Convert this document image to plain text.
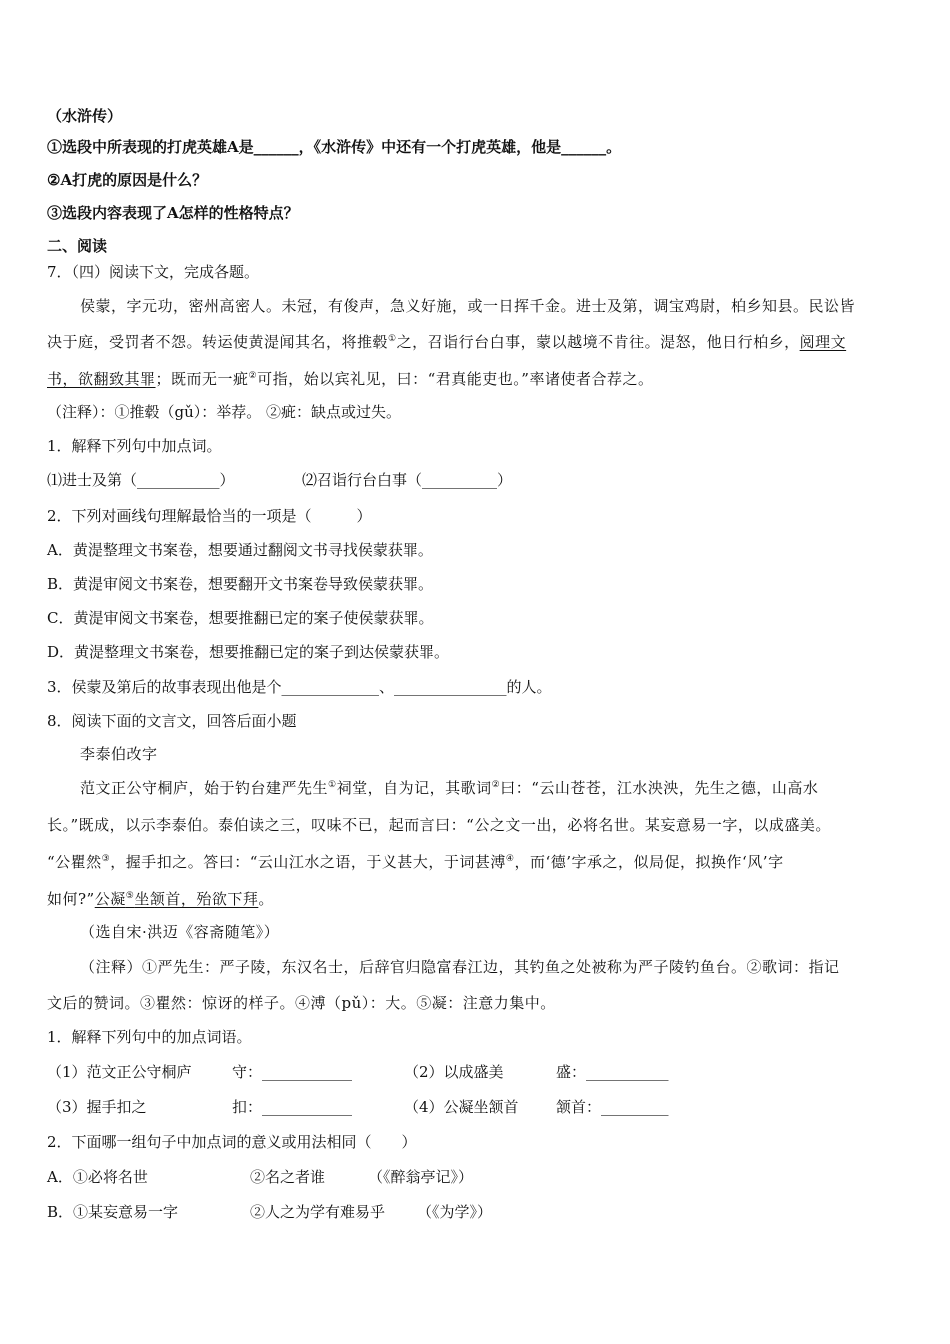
（水浒传）
①选段中所表现的打虎英雄A是______，《水浒传》中还有一个打虎英雄，他是______。
②A打虎的原因是什么？
③选段内容表现了A怎样的性格特点？
二、阅读
7．（四）阅读下文，完成各题。
侯蒙，字元功，密州高密人。未冠，有俊声，急义好施，或一日挥千金。进士及第，调宝鸡尉，柏乡知县。民讼皆
决于庭，受罚者不怨。转运使黄湜闻其名，将推毂①之，召诣行台白事，蒙以越境不肯往。湜怒，他日行柏乡，阅理文
书，欲翻致其罪；既而无一疵②可指，始以宾礼见，曰：“君真能吏也。”率诸使者合荐之。
（注释）：①推毂（gǔ）：举荐。 ②疵：缺点或过失。
1．解释下列句中加点词。
⑴进士及第（___________）	⑵召诣行台白事（__________）
2．下列对画线句理解最恰当的一项是（　　　）
A．黄湜整理文书案卷，想要通过翻阅文书寻找侯蒙获罪。
B．黄湜审阅文书案卷，想要翻开文书案卷导致侯蒙获罪。
C．黄湜审阅文书案卷，想要推翻已定的案子使侯蒙获罪。
D．黄湜整理文书案卷，想要推翻已定的案子到达侯蒙获罪。
3．侯蒙及第后的故事表现出他是个_____________、_______________的人。
8．阅读下面的文言文，回答后面小题
李泰伯改字
范文正公守桐庐，始于钓台建严先生①祠堂，自为记，其歌词②曰：“云山苍苍，江水泱泱，先生之德，山高水
长。”既成，以示李泰伯。泰伯读之三，叹味不已，起而言曰：“公之文一出，必将名世。某妄意易一字，以成盛美。
“公瞿然③，握手扣之。答曰：“云山江水之语，于义甚大，于词甚溥④，而‘德’字承之，似局促，拟换作‘风’字
如何?”公凝⑤坐颔首，殆欲下拜。
（选自宋·洪迈《容斋随笔》）
（注释）①严先生：严子陵，东汉名士，后辞官归隐富春江边，其钓鱼之处被称为严子陵钓鱼台。②歌词：指记
文后的赞词。③瞿然：惊讶的样子。④溥（pǔ）：大。⑤凝：注意力集中。
1．解释下列句中的加点词语。
（1）范文正公守桐庐	守：____________	（2）以成盛美	盛：___________
（3）握手扣之	扣：____________	（4）公凝坐颔首 颔首：_________
2．下面哪一组句子中加点词的意义或用法相同（　　）
A．①必将名世	②名之者谁	（《醉翁亭记》）
B．①某妄意易一字	②人之为学有难易乎 （《为学》）
